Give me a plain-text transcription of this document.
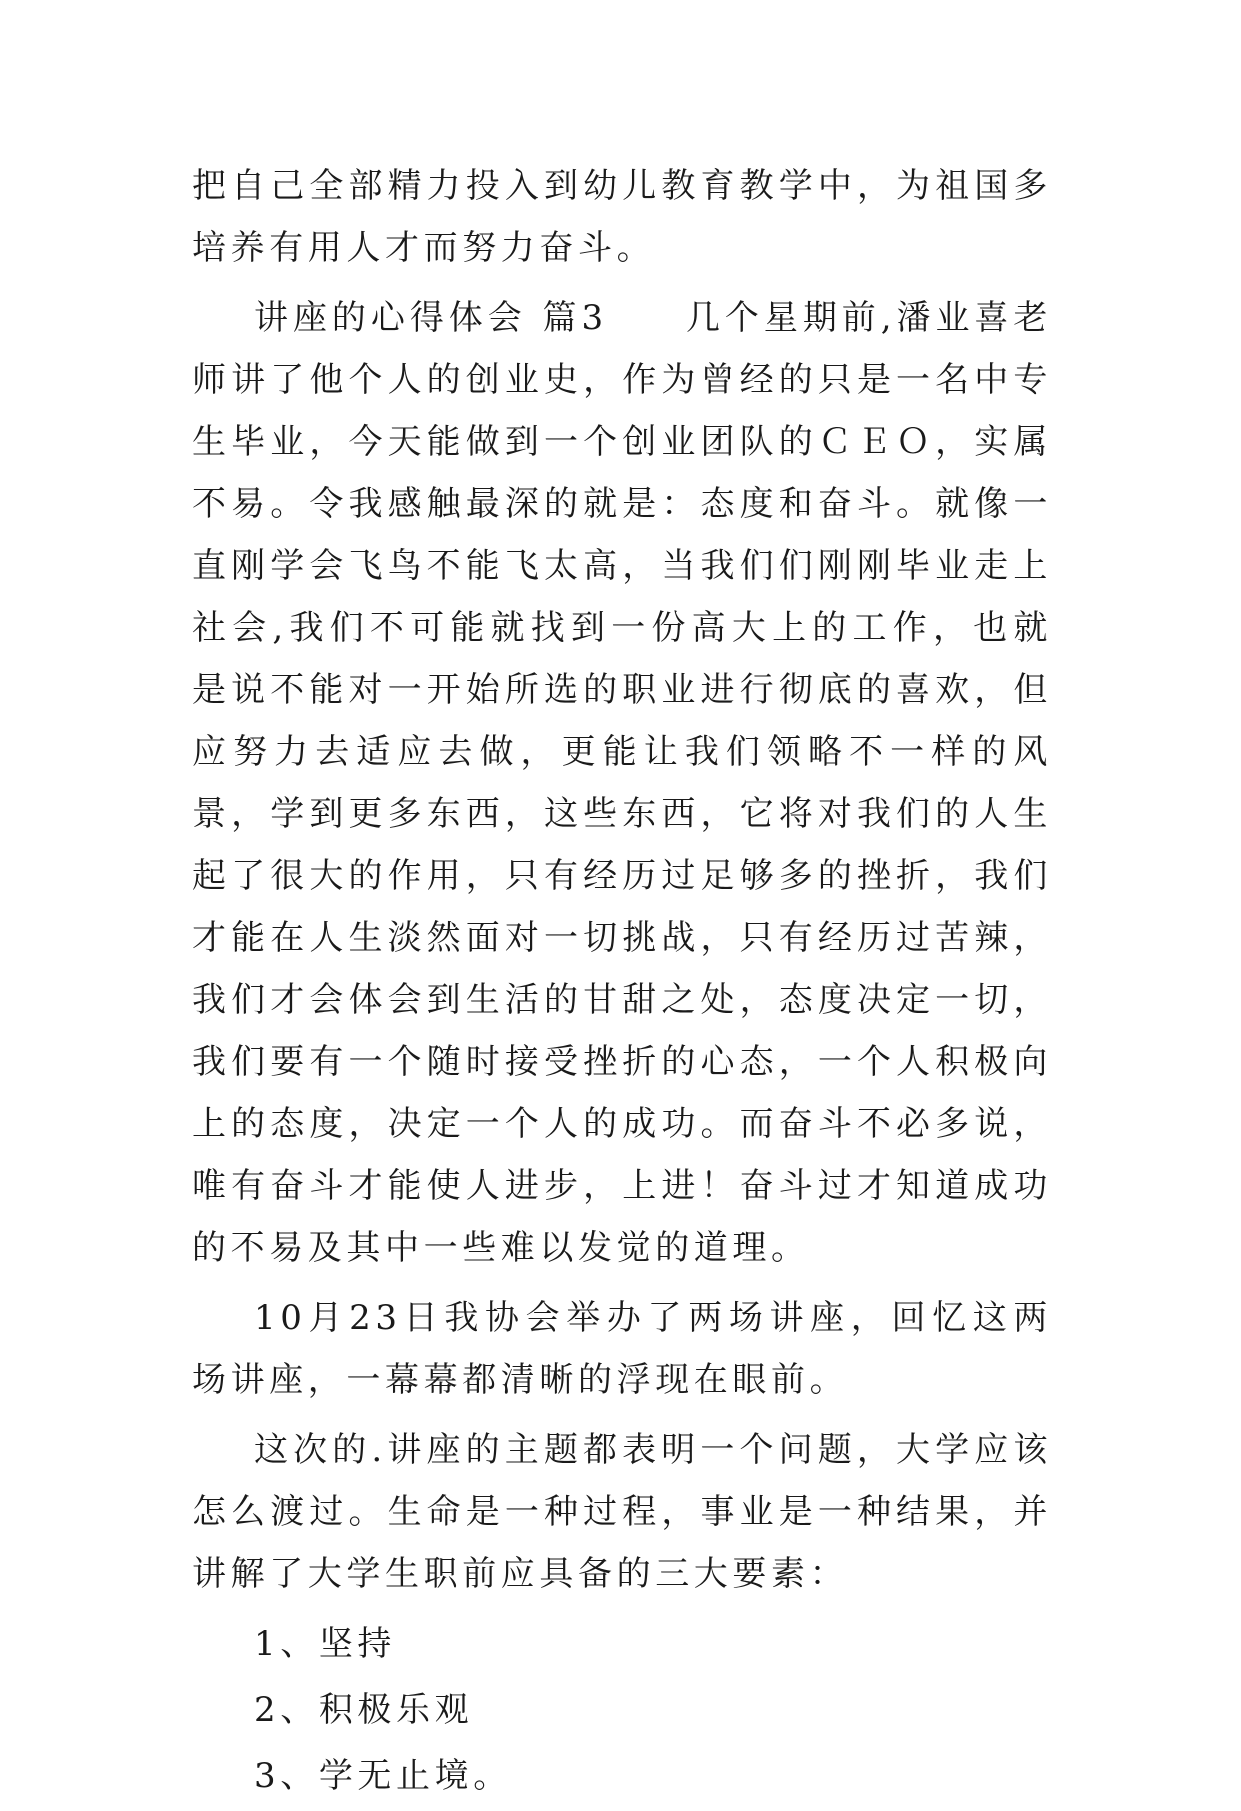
把自己全部精力投入到幼儿教育教学中，为祖国多培养有用人才而努力奋斗。

讲座的心得体会 篇3　　几个星期前,潘业喜老师讲了他个人的创业史，作为曾经的只是一名中专生毕业，今天能做到一个创业团队的ＣＥＯ，实属不易。令我感触最深的就是：态度和奋斗。就像一直刚学会飞鸟不能飞太高，当我们们刚刚毕业走上社会,我们不可能就找到一份高大上的工作，也就是说不能对一开始所选的职业进行彻底的喜欢，但应努力去适应去做，更能让我们领略不一样的风景，学到更多东西，这些东西，它将对我们的人生起了很大的作用，只有经历过足够多的挫折，我们才能在人生淡然面对一切挑战，只有经历过苦辣，我们才会体会到生活的甘甜之处，态度决定一切，我们要有一个随时接受挫折的心态，一个人积极向上的态度，决定一个人的成功。而奋斗不必多说，唯有奋斗才能使人进步，上进！奋斗过才知道成功的不易及其中一些难以发觉的道理。

10月23日我协会举办了两场讲座，回忆这两场讲座，一幕幕都清晰的浮现在眼前。

这次的.讲座的主题都表明一个问题，大学应该怎么渡过。生命是一种过程，事业是一种结果，并讲解了大学生职前应具备的三大要素：

1、坚持

2、积极乐观

3、学无止境。
